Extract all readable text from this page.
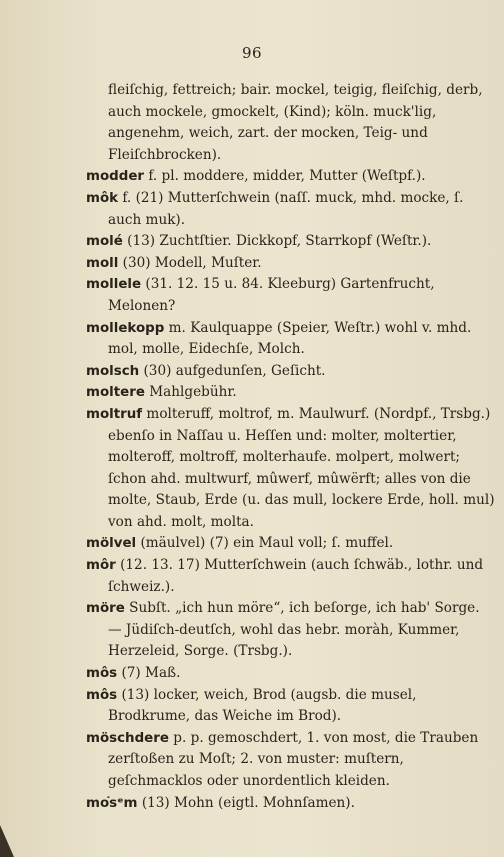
96

fleiſchig, fettreich; bair. mockel, teigig, fleiſchig, derb, auch mockele, gmockelt, (Kind); köln. muck'lig, angenehm, weich, zart. der mocken, Teig- und Fleiſchbrocken).

modder f. pl. moddere, midder, Mutter (Weſtpf.).

môk f. (21) Mutterſchwein (naſſ. muck, mhd. mocke, ſ. auch muk).

molé (13) Zuchtſtier. Dickkopf, Starrkopf (Weſtr.).

moll (30) Modell, Muſter.

mollele (31. 12. 15 u. 84. Kleeburg) Gartenfrucht, Melonen?

mollekopp m. Kaulquappe (Speier, Weſtr.) wohl v. mhd. mol, molle, Eidechſe, Molch.

molsch (30) aufgedunſen, Geſicht.

moltere Mahlgebühr.

moltruf molteruff, moltrof, m. Maulwurf. (Nordpf., Trsbg.) ebenſo in Naſſau u. Heſſen und: molter, moltertier, molteroff, moltroff, molterhaufe. molpert, molwert; ſchon ahd. multwurf, mûwerf, mûwërft; alles von die molte, Staub, Erde (u. das mull, lockere Erde, holl. mul) von ahd. molt, molta.

mölvel (mäulvel) (7) ein Maul voll; ſ. muffel.

môr (12. 13. 17) Mutterſchwein (auch ſchwäb., lothr. und ſchweiz.).

möre Subſt. „ich hun möre“, ich beſorge, ich hab' Sorge. — Jüdiſch-deutſch, wohl das hebr. moràh, Kummer, Herzeleid, Sorge. (Trsbg.).

môs (7) Maß.

môs (13) locker, weich, Brod (augsb. die musel, Brodkrume, das Weiche im Brod).

möschdere p. p. gemoschdert, 1. von most, die Trauben zerſtoßen zu Moſt; 2. von muster: muſtern, geſchmacklos oder unordentlich kleiden.

mo͘sᵉm (13) Mohn (eigtl. Mohnſamen).
